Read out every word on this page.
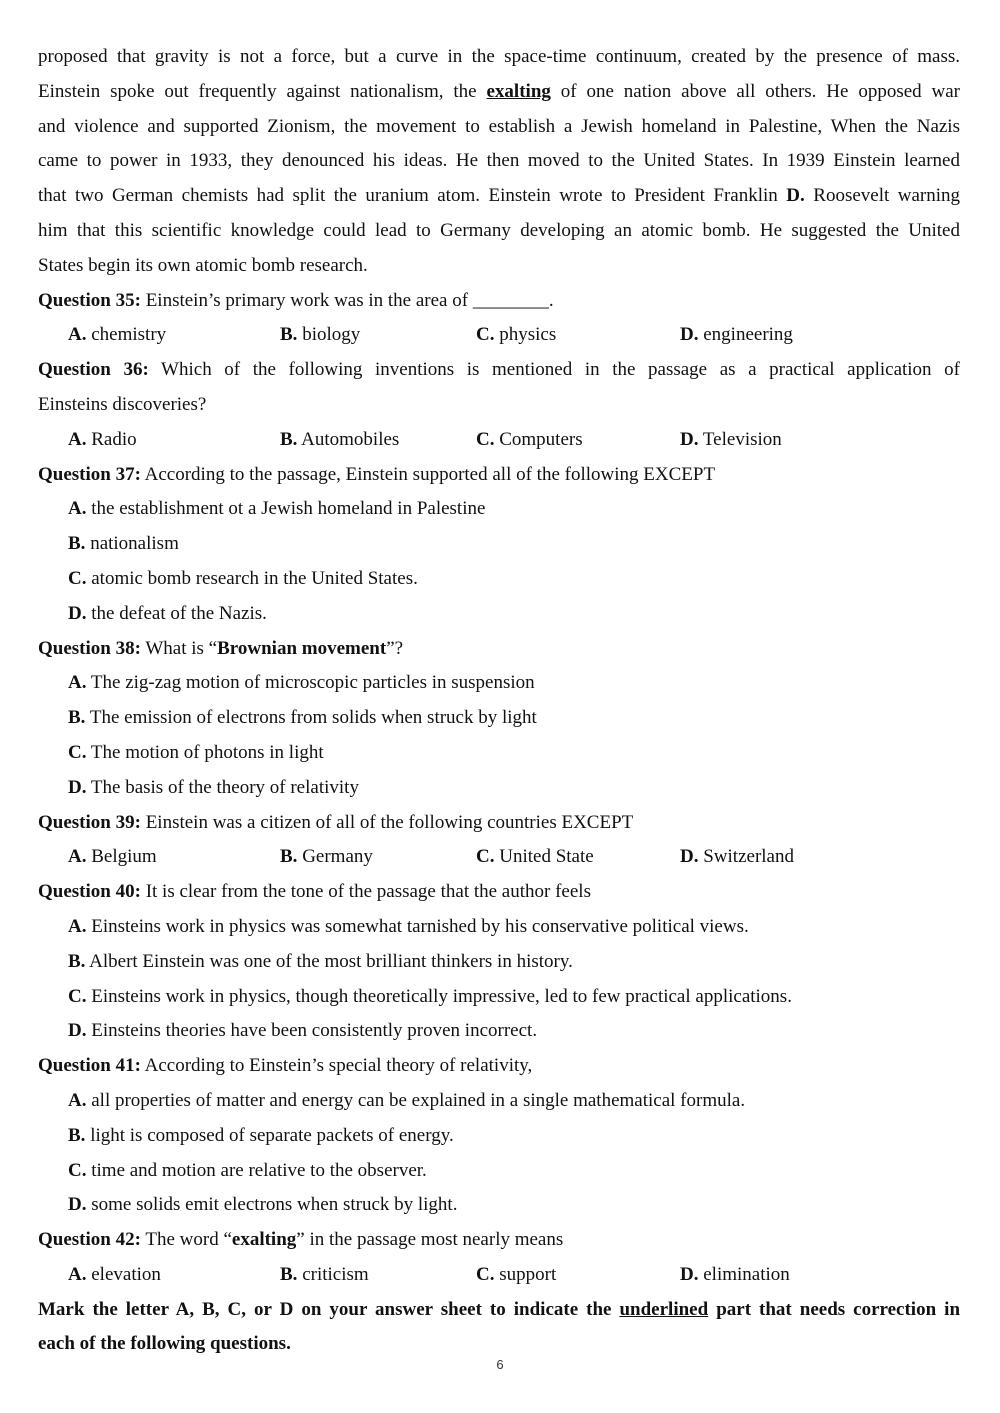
proposed that gravity is not a force, but a curve in the space-time continuum, created by the presence of mass.
Einstein spoke out frequently against nationalism, the exalting of one nation above all others. He opposed war
and violence and supported Zionism, the movement to establish a Jewish homeland in Palestine, When the Nazis
came to power in 1933, they denounced his ideas. He then moved to the United States. In 1939 Einstein learned
that two German chemists had split the uranium atom. Einstein wrote to President Franklin D. Roosevelt warning
him that this scientific knowledge could lead to Germany developing an atomic bomb. He suggested the United
States begin its own atomic bomb research.
Question 35: Einstein’s primary work was in the area of ________.
A. chemistry	B. biology	C. physics	D. engineering
Question 36: Which of the following inventions is mentioned in the passage as a practical application of
Einsteins discoveries?
A. Radio	B. Automobiles	C. Computers	D. Television
Question 37: According to the passage, Einstein supported all of the following EXCEPT
A. the establishment ot a Jewish homeland in Palestine
B. nationalism
C. atomic bomb research in the United States.
D. the defeat of the Nazis.
Question 38: What is “Brownian movement”?
A. The zig-zag motion of microscopic particles in suspension
B. The emission of electrons from solids when struck by light
C. The motion of photons in light
D. The basis of the theory of relativity
Question 39: Einstein was a citizen of all of the following countries EXCEPT
A. Belgium	B. Germany	C. United State	D. Switzerland
Question 40: It is clear from the tone of the passage that the author feels
A. Einsteins work in physics was somewhat tarnished by his conservative political views.
B. Albert Einstein was one of the most brilliant thinkers in history.
C. Einsteins work in physics, though theoretically impressive, led to few practical applications.
D. Einsteins theories have been consistently proven incorrect.
Question 41: According to Einstein’s special theory of relativity,
A. all properties of matter and energy can be explained in a single mathematical formula.
B. light is composed of separate packets of energy.
C. time and motion are relative to the observer.
D. some solids emit electrons when struck by light.
Question 42: The word “exalting” in the passage most nearly means
A. elevation	B. criticism	C. support	D. elimination
Mark the letter A, B, C, or D on your answer sheet to indicate the underlined part that needs correction in
each of the following questions.
6
